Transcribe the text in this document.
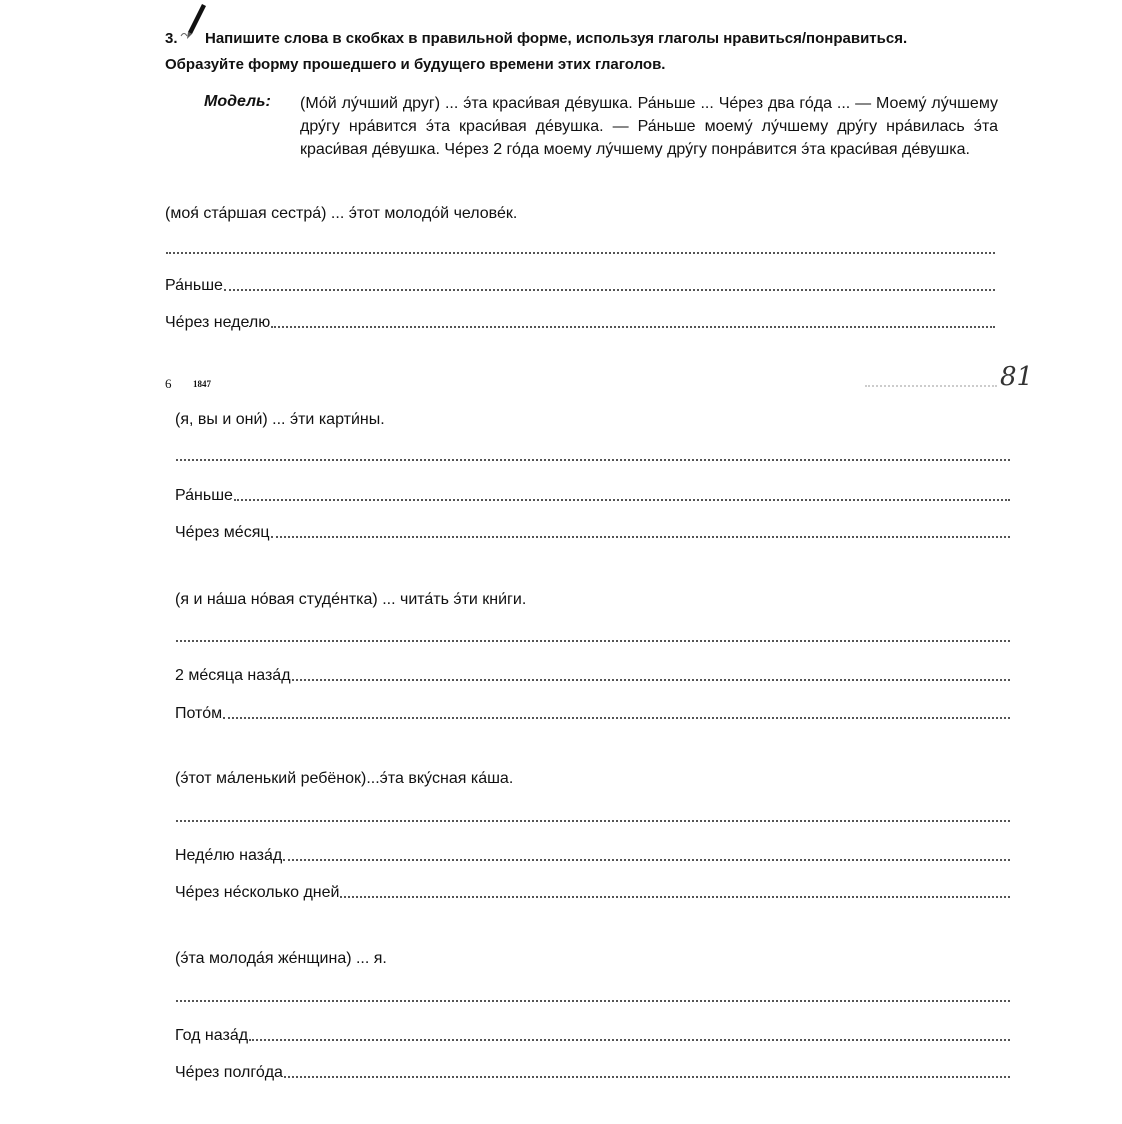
3. Напишите слова в скобках в правильной форме, используя глаголы нравиться/понравиться.
Образуйте форму прошедшего и будущего времени этих глаголов.
Модель: (Мо́й лу́чший друг) ... э́та краси́вая де́вушка. Ра́ньше ... Че́рез два го́да ... — Моему́ лу́чшему дру́гу нра́вится э́та краси́вая де́вушка. — Ра́ньше моему́ лу́чшему дру́гу нра́вилась э́та краси́вая де́вушка. Че́рез 2 го́да моему лу́чшему дру́гу понра́вится э́та краси́вая де́вушка.
(моя́ ста́ршая сестра́) ... э́тот молодо́й челове́к.
Ра́ньше
Че́рез неделю
6 1847	81
(я, вы и они́) ... э́ти карти́ны.
Ра́ньше
Че́рез ме́сяц
(я и на́ша но́вая студе́нтка) ... чита́ть э́ти кни́ги.
2 ме́сяца наза́д
Пото́м
(э́тот ма́ленький ребёнок)...э́та вку́сная ка́ша.
Неде́лю наза́д
Че́рез не́сколько дней
(э́та молода́я же́нщина) ... я.
Год наза́д
Че́рез полго́да
